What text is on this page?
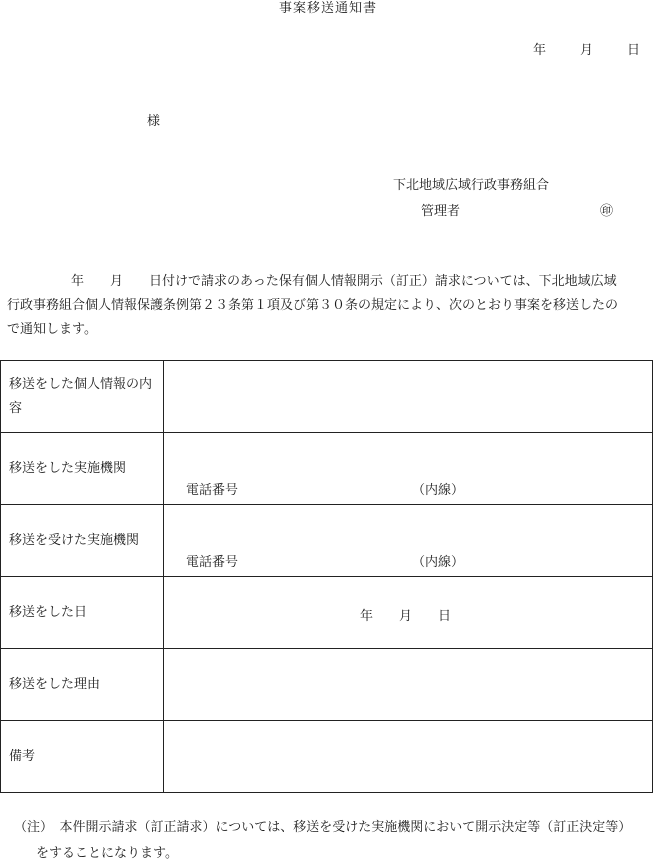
事案移送通知書
年	月	日
様
下北地域広域行政事務組合
管理者	㊞

年　　月　　日付けで請求のあった保有個人情報開示（訂正）請求については、下北地域広域
行政事務組合個人情報保護条例第２３条第１項及び第３０条の規定により、次のとおり事案を移送したの
で通知します。

移送をした個人情報の内容	

移送をした実施機関	電話番号 （内線）

移送を受けた実施機関	電話番号 （内線）

移送をした日	年　　月　　日

移送をした理由	

備考	
（注）　本件開示請求（訂正請求）については、移送を受けた実施機関において開示決定等（訂正決定等）
をすることになります。
